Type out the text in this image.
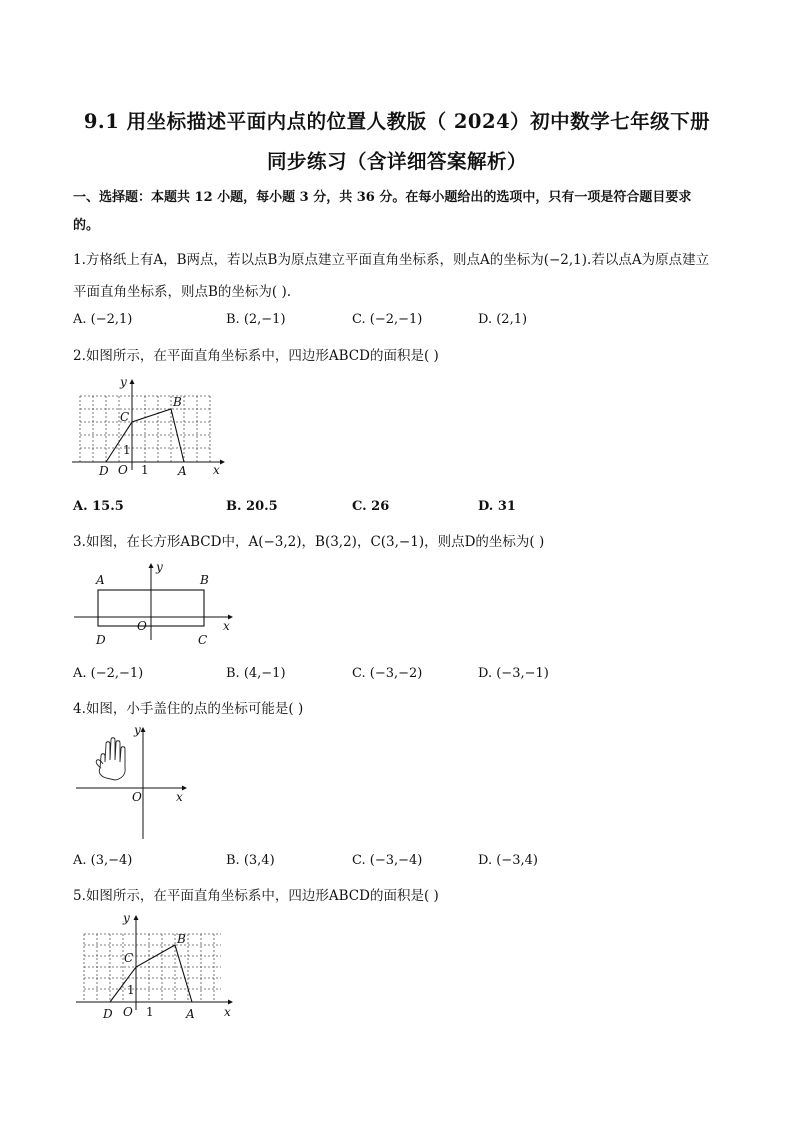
9.1 用坐标描述平面内点的位置人教版（ 2024）初中数学七年级下册
同步练习（含详细答案解析）
一、选择题：本题共 12 小题，每小题 3 分，共 36 分。在每小题给出的选项中，只有一项是符合题目要求
的。
1.方格纸上有A，B两点，若以点B为原点建立平面直角坐标系，则点A的坐标为(−2,1).若以点A为原点建立
平面直角坐标系，则点B的坐标为( ).
A. (−2,1)	B. (2,−1)	C. (−2,−1)	D. (2,1)
2.如图所示，在平面直角坐标系中，四边形ABCD的面积是( )
y
x
B
C
1
D O 1 A
A. 15.5	B. 20.5	C. 26	D. 31
3.如图，在长方形ABCD中，A(−3,2)，B(3,2)，C(3,−1)，则点D的坐标为( )
A	B
y
D
O
C
x
A. (−2,−1)	B. (4,−1)	C. (−3,−2)	D. (−3,−1)
4.如图，小手盖住的点的坐标可能是( )
y
O	x
A. (3,−4)	B. (3,4)	C. (−3,−4)	D. (−3,4)
5.如图所示，在平面直角坐标系中，四边形ABCD的面积是( )
y
x
B
C
1
D O 1	A
